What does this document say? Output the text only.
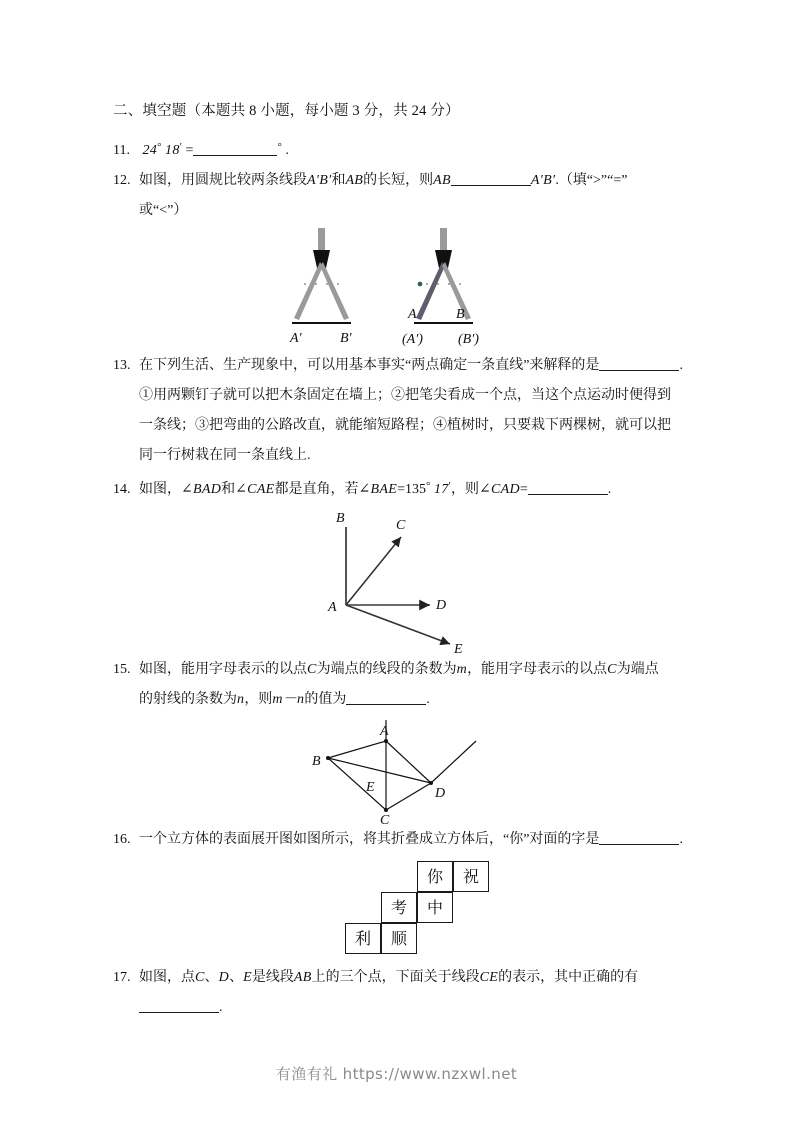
二、填空题（本题共 8 小题，每小题 3 分，共 24 分）
11. 24° 18′ =	° .
12. 如图，用圆规比较两条线段A′B′和AB的长短，则AB	A′B′.（填“>”“=”
或“<”）
A′	B′
A	B
(A′)	(B′)
13. 在下列生活、生产现象中，可以用基本事实“两点确定一条直线”来解释的是	.
①用两颗钉子就可以把木条固定在墙上；②把笔尖看成一个点，当这个点运动时便得到
一条线；③把弯曲的公路改直，就能缩短路程；④植树时，只要栽下两棵树，就可以把
同一行树栽在同一条直线上.
14. 如图，∠BAD和∠CAE都是直角，若∠BAE=135° 17′，则∠CAD=	.
A
B	C
D
E
15. 如图，能用字母表示的以点C为端点的线段的条数为m，能用字母表示的以点C为端点
的射线的条数为n，则m－n的值为	.
A
B
C
D
E
16. 一个立方体的表面展开图如图所示，将其折叠成立方体后，“你”对面的字是	.
你	祝
考	中
利	顺
17. 如图，点C、D、E是线段AB上的三个点，下面关于线段CE的表示，其中正确的有
.
有渔有礼 https://www.nzxwl.net
